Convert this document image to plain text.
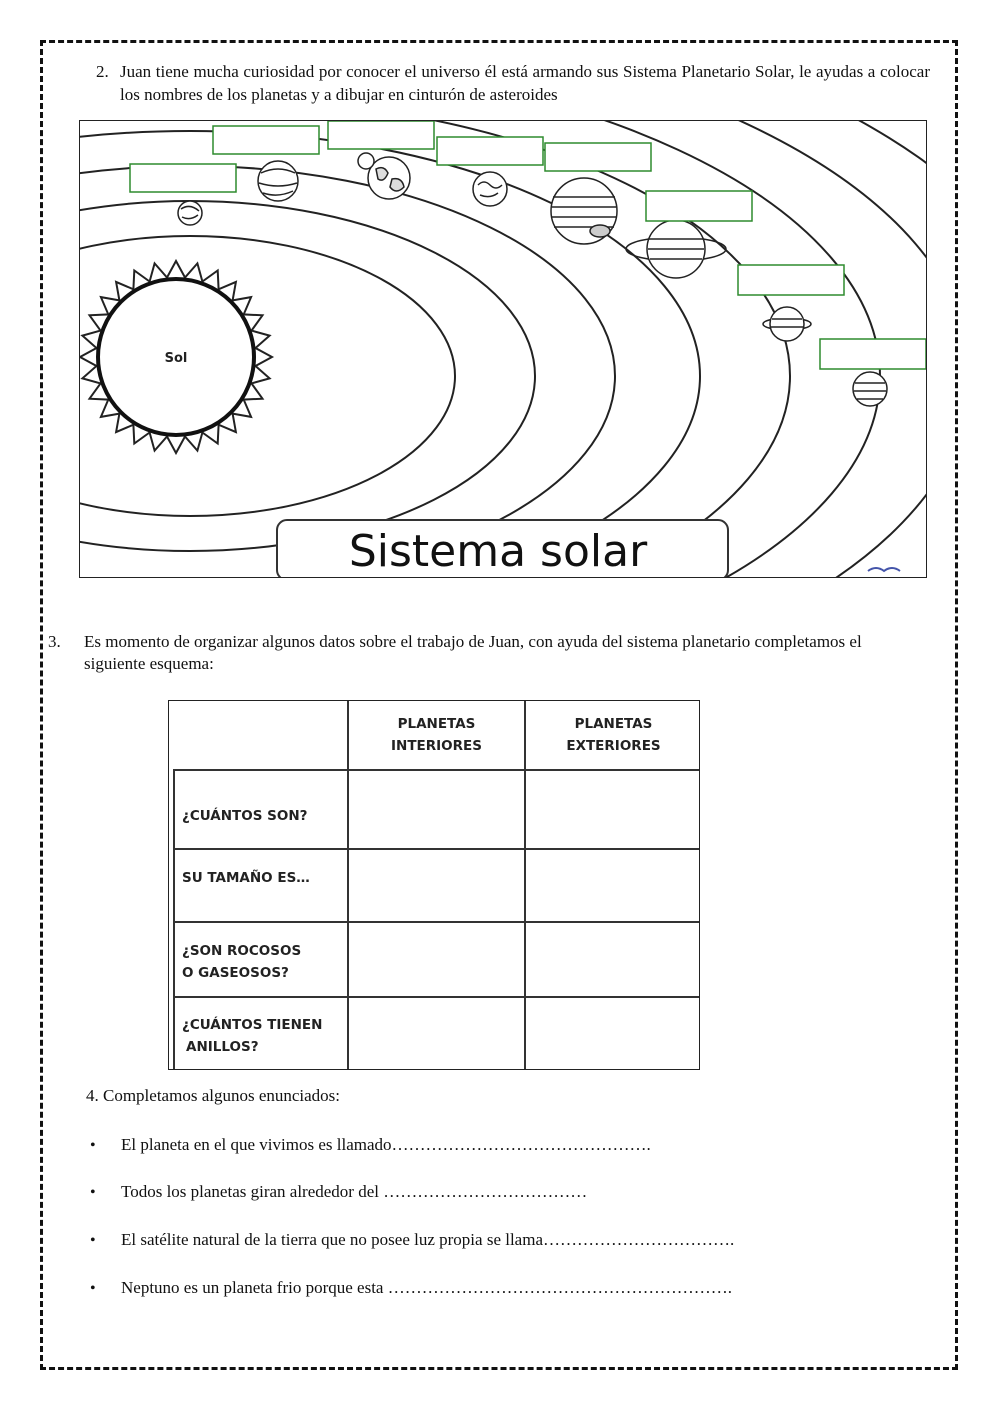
2. Juan tiene mucha curiosidad por conocer el universo él está armando sus Sistema Planetario Solar, le ayudas a colocar los nombres de los planetas y a dibujar en cinturón de asteroides
Sol
Sistema solar
3.	Es momento de organizar algunos datos sobre el trabajo de Juan, con ayuda del sistema planetario completamos el siguiente esquema:
PLANETAS
INTERIORES
PLANETAS
EXTERIORES
¿CUÁNTOS SON?
SU TAMAÑO ES…
¿SON ROCOSOS
O GASEOSOS?
¿CUÁNTOS TIENEN
ANILLOS?
4. Completamos algunos enunciados:
• El planeta en el que vivimos es llamado……………………………………….
• Todos los planetas giran alrededor del ………………………………
• El satélite natural de la tierra que no posee luz propia se llama…………………………….
• Neptuno es un planeta frio porque esta …………………………………………………….
